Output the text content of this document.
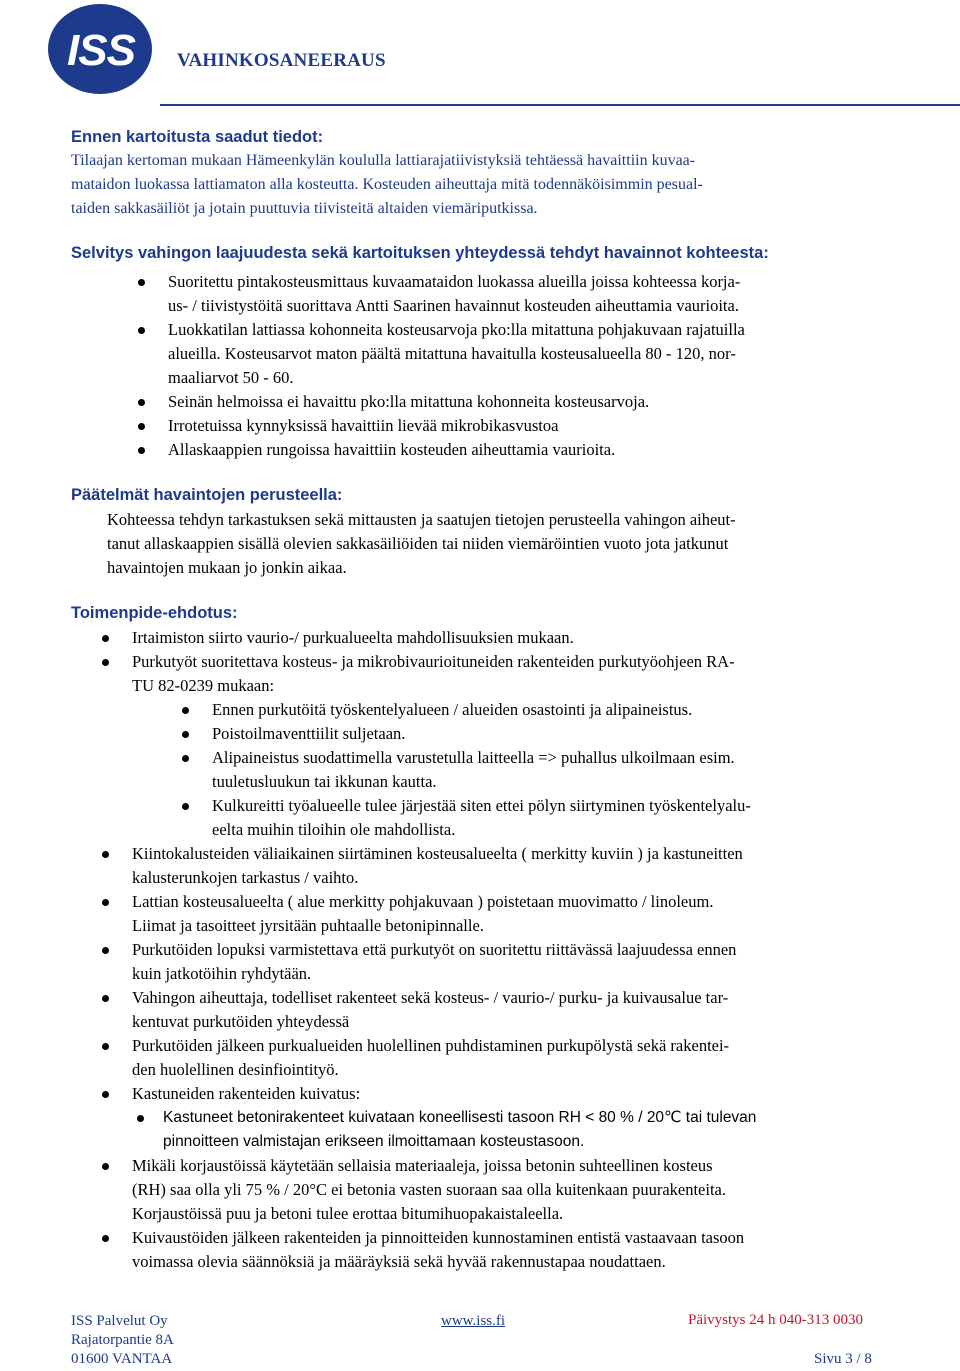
ISS VAHINKOSANEERAUS
Ennen kartoitusta saadut tiedot:
Tilaajan kertoman mukaan Hämeenkylän koululla lattiarajatiivistyksiä tehtäessä havaittiin kuvaa-
mataidon luokassa lattiamaton alla kosteutta. Kosteuden aiheuttaja mitä todennäköisimmin pesual-
taiden sakkasäiliöt ja jotain puuttuvia tiivisteitä altaiden viemäriputkissa.
Selvitys vahingon laajuudesta sekä kartoituksen yhteydessä tehdyt havainnot kohteesta:
Suoritettu pintakosteusmittaus kuvaamataidon luokassa alueilla joissa kohteessa korja-
us- / tiivistystöitä suorittava Antti Saarinen havainnut kosteuden aiheuttamia vaurioita.
Luokkatilan lattiassa kohonneita kosteusarvoja pko:lla mitattuna pohjakuvaan rajatuilla
alueilla. Kosteusarvot maton päältä mitattuna havaitulla kosteusalueella 80 - 120, nor-
maaliarvot 50 - 60.
Seinän helmoissa ei havaittu pko:lla mitattuna kohonneita kosteusarvoja.
Irrotetuissa kynnyksissä havaittiin lievää mikrobikasvustoa
Allaskaappien rungoissa havaittiin kosteuden aiheuttamia vaurioita.
Päätelmät havaintojen perusteella:
Kohteessa tehdyn tarkastuksen sekä mittausten ja saatujen tietojen perusteella vahingon aiheut-
tanut allaskaappien sisällä olevien sakkasäiliöiden tai niiden viemäröintien vuoto jota jatkunut
havaintojen mukaan jo jonkin aikaa.
Toimenpide-ehdotus:
Irtaimiston siirto vaurio-/ purkualueelta mahdollisuuksien mukaan.
Purkutyöt suoritettava kosteus- ja mikrobivaurioituneiden rakenteiden purkutyöohjeen RA-
TU 82-0239 mukaan:
Ennen purkutöitä työskentelyalueen / alueiden osastointi ja alipaineistus.
Poistoilmaventtiilit suljetaan.
Alipaineistus suodattimella varustetulla laitteella => puhallus ulkoilmaan esim.
tuuletusluukun tai ikkunan kautta.
Kulkureitti työalueelle tulee järjestää siten ettei pölyn siirtyminen työskentelyalu-
eelta muihin tiloihin ole mahdollista.
Kiintokalusteiden väliaikainen siirtäminen kosteusalueelta ( merkitty kuviin ) ja kastuneitten
kalusterunkojen tarkastus / vaihto.
Lattian kosteusalueelta ( alue merkitty pohjakuvaan ) poistetaan muovimatto / linoleum.
Liimat ja tasoitteet jyrsitään puhtaalle betonipinnalle.
Purkutöiden lopuksi varmistettava että purkutyöt on suoritettu riittävässä laajuudessa ennen
kuin jatkotöihin ryhdytään.
Vahingon aiheuttaja, todelliset rakenteet sekä kosteus- / vaurio-/ purku- ja kuivausalue tar-
kentuvat purkutöiden yhteydessä
Purkutöiden jälkeen purkualueiden huolellinen puhdistaminen purkupölystä sekä rakentei-
den huolellinen desinfiointityö.
Kastuneiden rakenteiden kuivatus:
Kastuneet betonirakenteet kuivataan koneellisesti tasoon RH < 80 % / 20℃ tai tulevan
pinnoitteen valmistajan erikseen ilmoittamaan kosteustasoon.
Mikäli korjaustöissä käytetään sellaisia materiaaleja, joissa betonin suhteellinen kosteus
(RH) saa olla yli 75 % / 20°C ei betonia vasten suoraan saa olla kuitenkaan puurakenteita.
Korjaustöissä puu ja betoni tulee erottaa bitumihuopakaistaleella.
Kuivaustöiden jälkeen rakenteiden ja pinnoitteiden kunnostaminen entistä vastaavaan tasoon
voimassa olevia säännöksiä ja määräyksiä sekä hyvää rakennustapaa noudattaen.
ISS Palvelut Oy
Rajatorpantie 8A
01600 VANTAA
www.iss.fi	Päivystys 24 h 040-313 0030
Sivu 3 / 8
